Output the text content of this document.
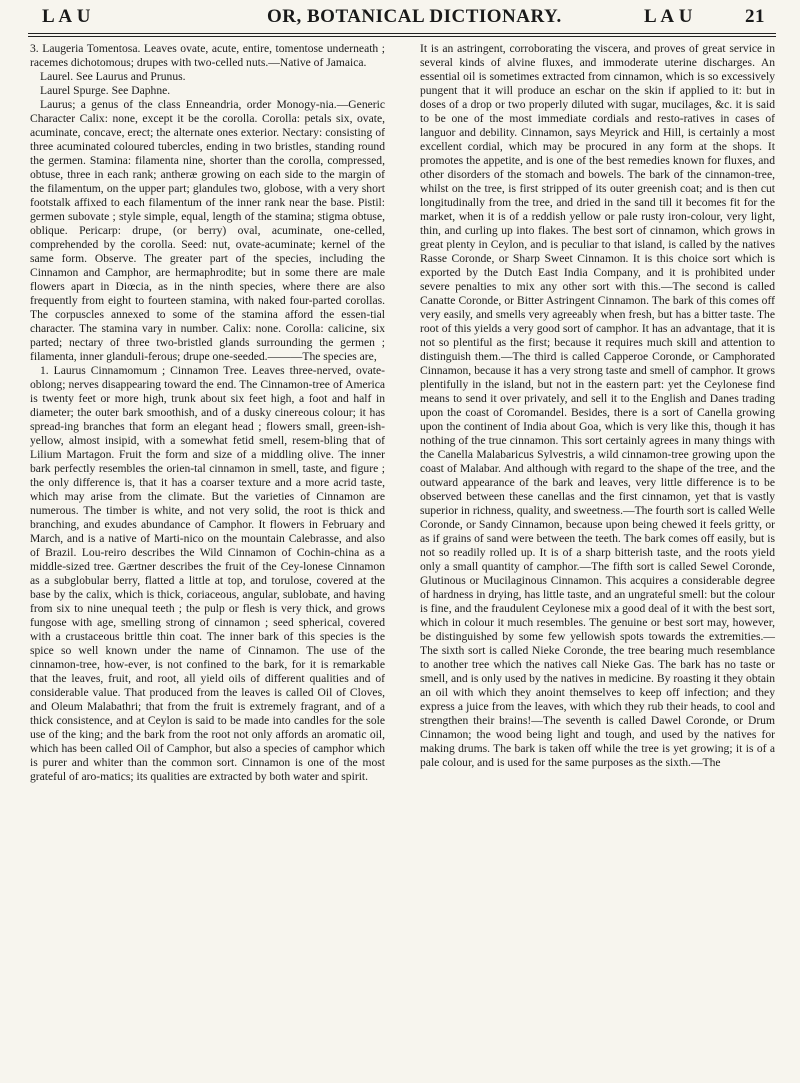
L A U	OR, BOTANICAL DICTIONARY.	L A U	21

3. Laugeria Tomentosa. Leaves ovate, acute, entire, tomentose underneath ; racemes dichotomous; drupes with two-celled nuts.—Native of Jamaica.

Laurel. See Laurus and Prunus.

Laurel Spurge. See Daphne.

Laurus; a genus of the class Enneandria, order Monogy-nia.—Generic Character Calix: none, except it be the corolla. Corolla: petals six, ovate, acuminate, concave, erect; the alternate ones exterior. Nectary: consisting of three acuminated coloured tubercles, ending in two bristles, standing round the germen. Stamina: filamenta nine, shorter than the corolla, compressed, obtuse, three in each rank; antheræ growing on each side to the margin of the filamentum, on the upper part; glandules two, globose, with a very short footstalk affixed to each filamentum of the inner rank near the base. Pistil: germen subovate ; style simple, equal, length of the stamina; stigma obtuse, oblique. Pericarp: drupe, (or berry) oval, acuminate, one-celled, comprehended by the corolla. Seed: nut, ovate-acuminate; kernel of the same form. Observe. The greater part of the species, including the Cinnamon and Camphor, are hermaphrodite; but in some there are male flowers apart in Diœcia, as in the ninth species, where there are also frequently from eight to fourteen stamina, with naked four-parted corollas. The corpuscles annexed to some of the stamina afford the essen-tial character. The stamina vary in number. Calix: none. Corolla: calicine, six parted; nectary of three two-bristled glands surrounding the germen ; filamenta, inner glanduli-ferous; drupe one-seeded.———The species are,

1. Laurus Cinnamomum ; Cinnamon Tree. Leaves three-nerved, ovate-oblong; nerves disappearing toward the end. The Cinnamon-tree of America is twenty feet or more high, trunk about six feet high, a foot and half in diameter; the outer bark smoothish, and of a dusky cinereous colour; it has spread-ing branches that form an elegant head ; flowers small, green-ish-yellow, almost insipid, with a somewhat fetid smell, resem-bling that of Lilium Martagon. Fruit the form and size of a middling olive. The inner bark perfectly resembles the orien-tal cinnamon in smell, taste, and figure ; the only difference is, that it has a coarser texture and a more acrid taste, which may arise from the climate. But the varieties of Cinnamon are numerous. The timber is white, and not very solid, the root is thick and branching, and exudes abundance of Camphor. It flowers in February and March, and is a native of Marti-nico on the mountain Calebrasse, and also of Brazil. Lou-reiro describes the Wild Cinnamon of Cochin-china as a middle-sized tree. Gærtner describes the fruit of the Cey-lonese Cinnamon as a subglobular berry, flatted a little at top, and torulose, covered at the base by the calix, which is thick, coriaceous, angular, sublobate, and having from six to nine unequal teeth ; the pulp or flesh is very thick, and grows fungose with age, smelling strong of cinnamon ; seed spherical, covered with a crustaceous brittle thin coat. The inner bark of this species is the spice so well known under the name of Cinnamon. The use of the cinnamon-tree, how-ever, is not confined to the bark, for it is remarkable that the leaves, fruit, and root, all yield oils of different qualities and of considerable value. That produced from the leaves is called Oil of Cloves, and Oleum Malabathri; that from the fruit is extremely fragrant, and of a thick consistence, and at Ceylon is said to be made into candles for the sole use of the king; and the bark from the root not only affords an aromatic oil, which has been called Oil of Camphor, but also a species of camphor which is purer and whiter than the common sort. Cinnamon is one of the most grateful of aro-matics; its qualities are extracted by both water and spirit.

It is an astringent, corroborating the viscera, and proves of great service in several kinds of alvine fluxes, and immoderate uterine discharges. An essential oil is sometimes extracted from cinnamon, which is so excessively pungent that it will produce an eschar on the skin if applied to it: but in doses of a drop or two properly diluted with sugar, mucilages, &c. it is said to be one of the most immediate cordials and resto-ratives in cases of languor and debility. Cinnamon, says Meyrick and Hill, is certainly a most excellent cordial, which may be procured in any form at the shops. It promotes the appetite, and is one of the best remedies known for fluxes, and other disorders of the stomach and bowels. The bark of the cinnamon-tree, whilst on the tree, is first stripped of its outer greenish coat; and is then cut longitudinally from the tree, and dried in the sand till it becomes fit for the market, when it is of a reddish yellow or pale rusty iron-colour, very light, thin, and curling up into flakes. The best sort of cinnamon, which grows in great plenty in Ceylon, and is peculiar to that island, is called by the natives Rasse Coronde, or Sharp Sweet Cinnamon. It is this choice sort which is exported by the Dutch East India Company, and it is prohibited under severe penalties to mix any other sort with this.—The second is called Canatte Coronde, or Bitter Astringent Cinnamon. The bark of this comes off very easily, and smells very agreeably when fresh, but has a bitter taste. The root of this yields a very good sort of camphor. It has an advantage, that it is not so plentiful as the first; because it requires much skill and attention to distinguish them.—The third is called Capperoe Coronde, or Camphorated Cinnamon, because it has a very strong taste and smell of camphor. It grows plentifully in the island, but not in the eastern part: yet the Ceylonese find means to send it over privately, and sell it to the English and Danes trading upon the coast of Coromandel. Besides, there is a sort of Canella growing upon the continent of India about Goa, which is very like this, though it has nothing of the true cinnamon. This sort certainly agrees in many things with the Canella Malabaricus Sylvestris, a wild cinnamon-tree growing upon the coast of Malabar. And although with regard to the shape of the tree, and the outward appearance of the bark and leaves, very little difference is to be observed between these canellas and the first cinnamon, yet that is vastly superior in richness, quality, and sweetness.—The fourth sort is called Welle Coronde, or Sandy Cinnamon, because upon being chewed it feels gritty, or as if grains of sand were between the teeth. The bark comes off easily, but is not so readily rolled up. It is of a sharp bitterish taste, and the roots yield only a small quantity of camphor.—The fifth sort is called Sewel Coronde, Glutinous or Mucilaginous Cinnamon. This acquires a considerable degree of hardness in drying, has little taste, and an ungrateful smell: but the colour is fine, and the fraudulent Ceylonese mix a good deal of it with the best sort, which in colour it much resembles. The genuine or best sort may, however, be distinguished by some few yellowish spots towards the extremities.—The sixth sort is called Nieke Coronde, the tree bearing much resemblance to another tree which the natives call Nieke Gas. The bark has no taste or smell, and is only used by the natives in medicine. By roasting it they obtain an oil with which they anoint themselves to keep off infection; and they express a juice from the leaves, with which they rub their heads, to cool and strengthen their brains!—The seventh is called Dawel Coronde, or Drum Cinnamon; the wood being light and tough, and used by the natives for making drums. The bark is taken off while the tree is yet growing; it is of a pale colour, and is used for the same purposes as the sixth.—The
